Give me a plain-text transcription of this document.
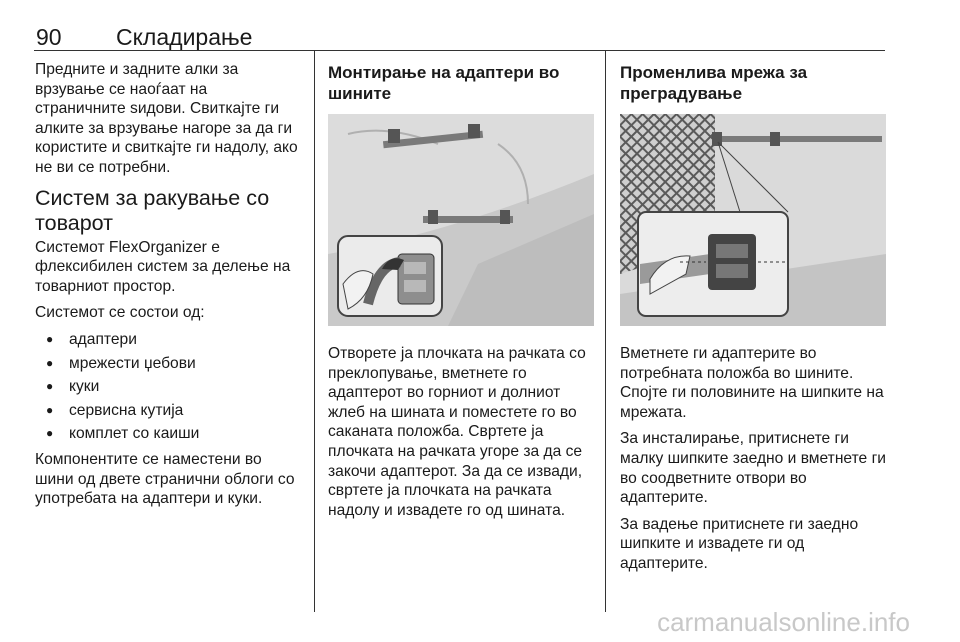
90 Складирање

Предните и задните алки за врзување се наоѓаат на страничните ѕидови. Свиткајте ги алките за врзување нагоре за да ги користите и свиткајте ги надолу, ако не ви се потребни.

Систем за ракување со товарот

Системот FlexOrganizer е флексибилен систем за делење на товарниот простор.

Системот се состои од:

● адаптери
● мрежести џебови
● куки
● сервисна кутија
● комплет со каиши

Компонентите се наместени во шини од двете странични облоги со употребата на адаптери и куки.

Монтирање на адаптери во шините

Отворете ја плочката на рачката со преклопување, вметнете го адаптерот во горниот и долниот жлеб на шината и поместете го во саканата положба. Свртете ја плочката на рачката угоре за да се закочи адаптерот. За да се извади, свртете ја плочката на рачката надолу и извадете го од шината.

Променлива мрежа за преградување

Вметнете ги адаптерите во потребната положба во шините. Спојте ги половините на шипките на мрежата.

За инсталирање, притиснете ги малку шипките заедно и вметнете ги во соодветните отвори во адаптерите.

За вадење притиснете ги заедно шипките и извадете ги од адаптерите.

carmanualsonline.info
